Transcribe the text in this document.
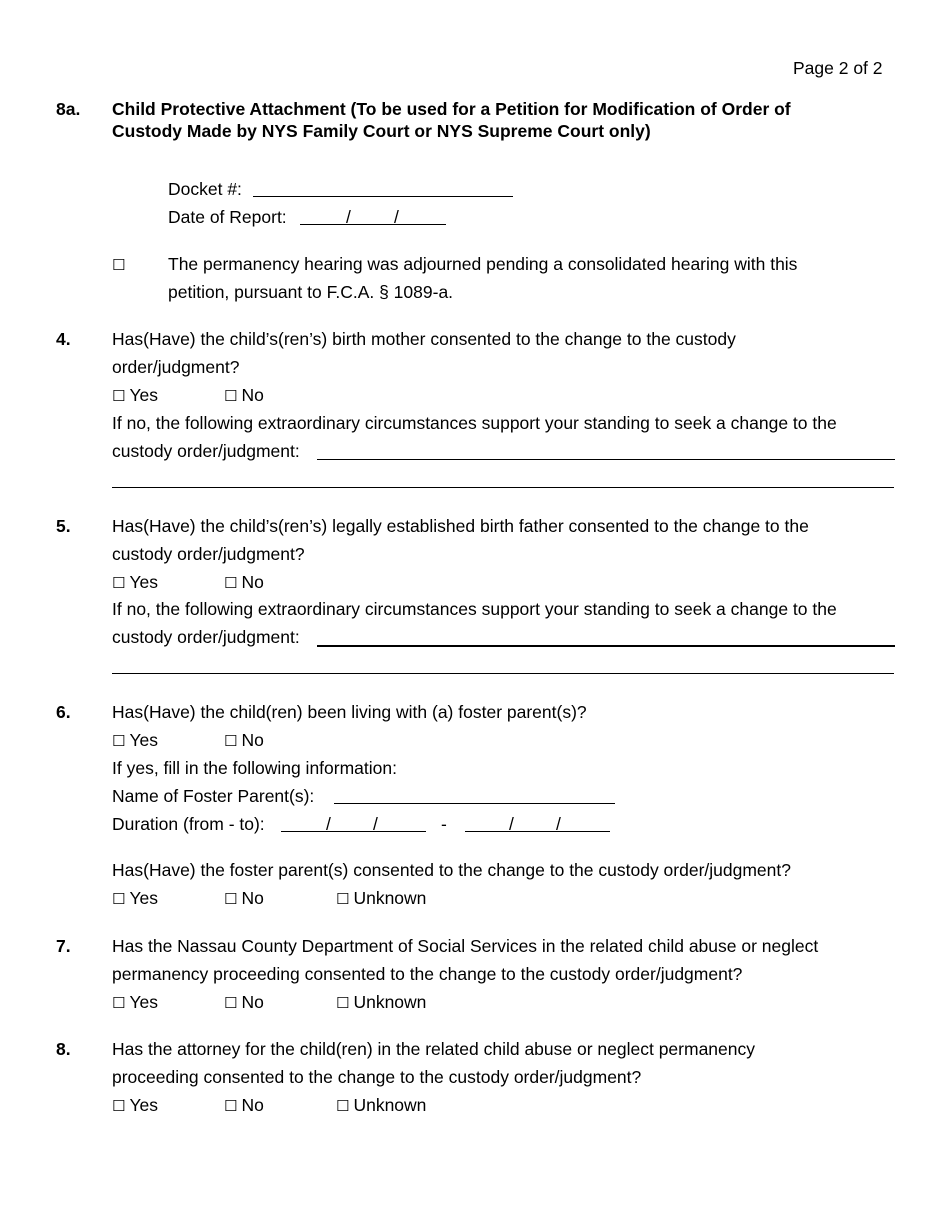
Page 2 of 2
8a. Child Protective Attachment (To be used for a Petition for Modification of Order of
Custody Made by NYS Family Court or NYS Supreme Court only)
Docket #:
Date of Report:	/ /
☐ The permanency hearing was adjourned pending a consolidated hearing with this
petition, pursuant to F.C.A. § 1089-a.
4. Has(Have) the child’s(ren’s) birth mother consented to the change to the custody
order/judgment?
☐ Yes	☐ No
If no, the following extraordinary circumstances support your standing to seek a change to the
custody order/judgment:
5. Has(Have) the child’s(ren’s) legally established birth father consented to the change to the
custody order/judgment?
☐ Yes	☐ No
If no, the following extraordinary circumstances support your standing to seek a change to the
custody order/judgment:
6. Has(Have) the child(ren) been living with (a) foster parent(s)?
☐ Yes	☐ No
If yes, fill in the following information:
Name of Foster Parent(s):
Duration (from - to):	/ /	-	/ /
Has(Have) the foster parent(s) consented to the change to the custody order/judgment?
☐ Yes	☐ No	☐ Unknown
7. Has the Nassau County Department of Social Services in the related child abuse or neglect
permanency proceeding consented to the change to the custody order/judgment?
☐ Yes	☐ No	☐ Unknown
8. Has the attorney for the child(ren) in the related child abuse or neglect permanency
proceeding consented to the change to the custody order/judgment?
☐ Yes	☐ No	☐ Unknown
